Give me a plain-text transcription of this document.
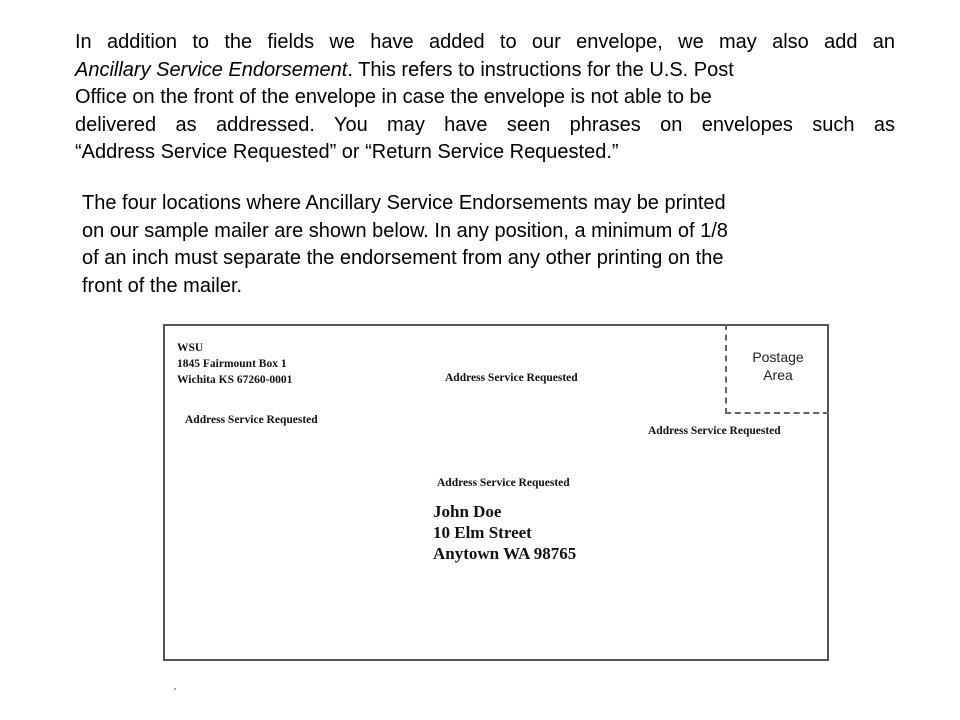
In addition to the fields we have added to our envelope, we may also add an
Ancillary Service Endorsement. This refers to instructions for the U.S. Post
Office on the front of the envelope in case the envelope is not able to be
delivered as addressed. You may have seen phrases on envelopes such as
“Address Service Requested” or “Return Service Requested.”
The four locations where Ancillary Service Endorsements may be printed
on our sample mailer are shown below. In any position, a minimum of 1/8
of an inch must separate the endorsement from any other printing on the
front of the mailer.
WSU
1845 Fairmount Box 1
Wichita KS 67260-0001	Address Service Requested
Address Service Requested
Address Service Requested
Address Service Requested
John Doe
10 Elm Street
Anytown WA 98765
Postage
Area
